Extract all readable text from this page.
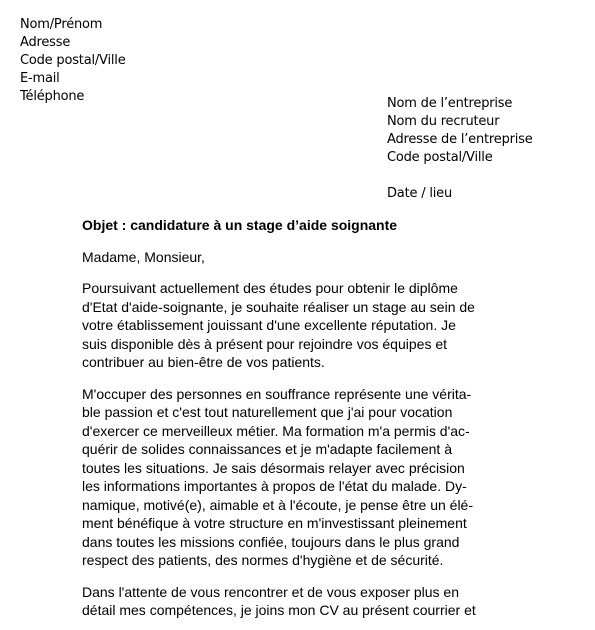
Nom/Prénom
Adresse
Code postal/Ville
E-mail
Téléphone	Nom de l’entreprise
Nom du recruteur
Adresse de l’entreprise
Code postal/Ville
Date / lieu

Objet : candidature à un stage d’aide soignante

Madame, Monsieur,
Poursuivant actuellement des études pour obtenir le diplôme
d'Etat d'aide-soignante, je souhaite réaliser un stage au sein de
votre établissement jouissant d'une excellente réputation. Je
suis disponible dès à présent pour rejoindre vos équipes et
contribuer au bien-être de vos patients.
M'occuper des personnes en souffrance représente une vérita-
ble passion et c'est tout naturellement que j'ai pour vocation
d'exercer ce merveilleux métier. Ma formation m'a permis d'ac-
quérir de solides connaissances et je m'adapte facilement à
toutes les situations. Je sais désormais relayer avec précision
les informations importantes à propos de l'état du malade. Dy-
namique, motivé(e), aimable et à l'écoute, je pense être un élé-
ment bénéfique à votre structure en m'investissant pleinement
dans toutes les missions confiée, toujours dans le plus grand
respect des patients, des normes d'hygiène et de sécurité.
Dans l'attente de vous rencontrer et de vous exposer plus en
détail mes compétences, je joins mon CV au présent courrier et
